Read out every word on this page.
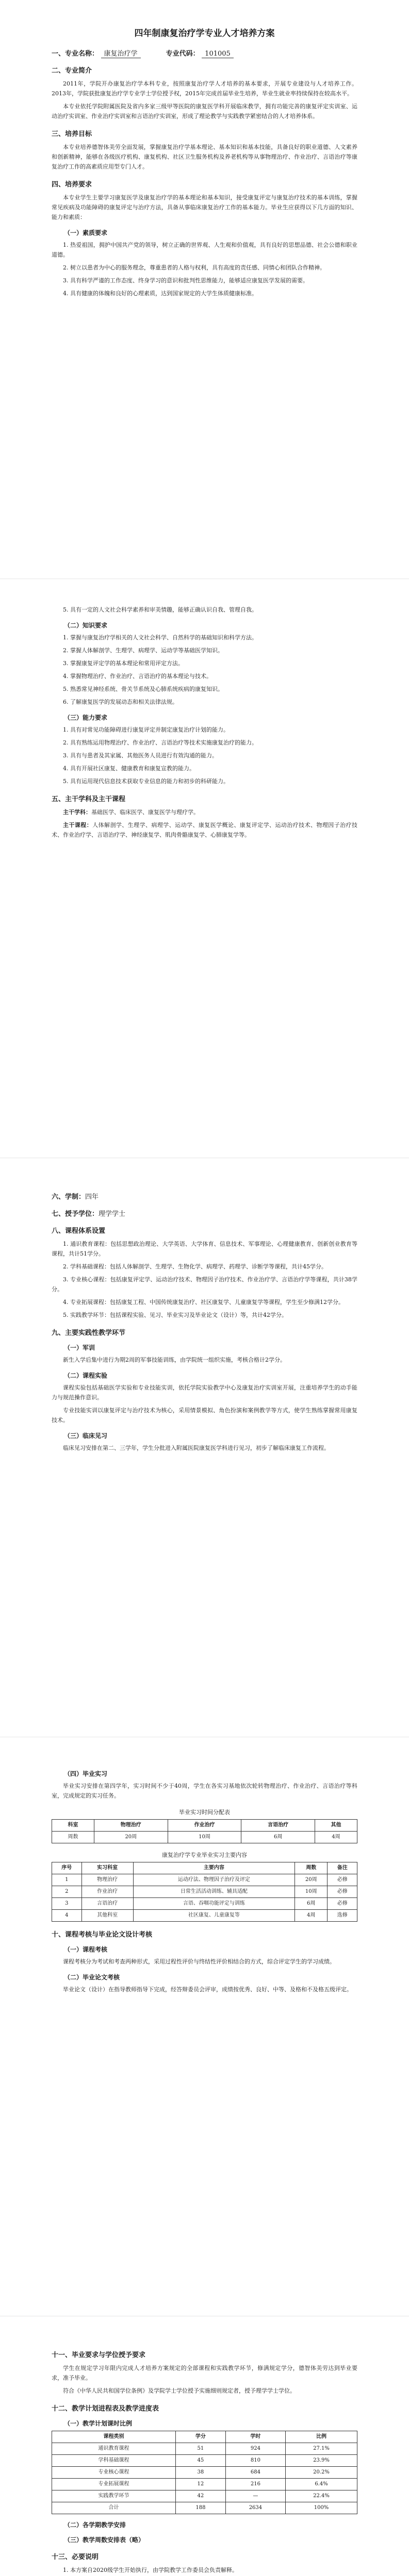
四年制康复治疗学专业人才培养方案
一、专业名称： 康复治疗学	专业代码： 101005
二、专业简介

2011年，学院开办康复治疗学本科专业，按照康复治疗学人才培养的基本要求，开展专业建设与人才培养工作。2013年，学院获批康复治疗学专业学士学位授予权，2015年完成首届毕业生培养，毕业生就业率持续保持在较高水平。

本专业依托学院附属医院及省内多家三级甲等医院的康复医学科开展临床教学，拥有功能完善的康复评定实训室、运动治疗实训室、作业治疗实训室和言语治疗实训室，形成了理论教学与实践教学紧密结合的人才培养体系。

三、培养目标

本专业培养德智体美劳全面发展，掌握康复治疗学基本理论、基本知识和基本技能，具备良好的职业道德、人文素养和创新精神，能够在各级医疗机构、康复机构、社区卫生服务机构及养老机构等从事物理治疗、作业治疗、言语治疗等康复治疗工作的高素质应用型专门人才。

四、培养要求

本专业学生主要学习康复医学及康复治疗学的基本理论和基本知识，接受康复评定与康复治疗技术的基本训练，掌握常见疾病及功能障碍的康复评定与治疗方法，具备从事临床康复治疗工作的基本能力。毕业生应获得以下几方面的知识、能力和素质：

（一）素质要求

1. 热爱祖国，拥护中国共产党的领导，树立正确的世界观、人生观和价值观，具有良好的思想品德、社会公德和职业道德。

2. 树立以患者为中心的服务理念，尊重患者的人格与权利，具有高度的责任感、同情心和团队合作精神。

3. 具有科学严谨的工作态度、终身学习的意识和批判性思维能力，能够适应康复医学发展的需要。

4. 具有健康的体魄和良好的心理素质，达到国家规定的大学生体质健康标准。

5. 具有一定的人文社会科学素养和审美情趣，能够正确认识自我、管理自我。

（二）知识要求

1. 掌握与康复治疗学相关的人文社会科学、自然科学的基础知识和科学方法。

2. 掌握人体解剖学、生理学、病理学、运动学等基础医学知识。

3. 掌握康复评定学的基本理论和常用评定方法。

4. 掌握物理治疗、作业治疗、言语治疗的基本理论与技术。

5. 熟悉常见神经系统、骨关节系统及心肺系统疾病的康复知识。

6. 了解康复医学的发展动态和相关法律法规。

（三）能力要求

1. 具有对常见功能障碍进行康复评定并制定康复治疗计划的能力。

2. 具有熟练运用物理治疗、作业治疗、言语治疗等技术实施康复治疗的能力。

3. 具有与患者及其家属、其他医务人员进行有效沟通的能力。

4. 具有开展社区康复、健康教育和康复宣教的能力。

5. 具有运用现代信息技术获取专业信息的能力和初步的科研能力。

五、主干学科及主干课程

主干学科：基础医学、临床医学、康复医学与理疗学。

主干课程：人体解剖学、生理学、病理学、运动学、康复医学概论、康复评定学、运动治疗技术、物理因子治疗技术、作业治疗学、言语治疗学、神经康复学、肌肉骨骼康复学、心肺康复学等。

六、学制：四年
七、授予学位：理学学士
八、课程体系设置

1. 通识教育课程：包括思想政治理论、大学英语、大学体育、信息技术、军事理论、心理健康教育、创新创业教育等课程，共计51学分。

2. 学科基础课程：包括人体解剖学、生理学、生物化学、病理学、药理学、诊断学等课程，共计45学分。

3. 专业核心课程：包括康复评定学、运动治疗技术、物理因子治疗技术、作业治疗学、言语治疗学等课程，共计38学分。

4. 专业拓展课程：包括康复工程、中国传统康复治疗、社区康复学、儿童康复学等课程，学生至少修满12学分。

5. 实践教学环节：包括课程实验、见习、毕业实习及毕业论文（设计）等，共计42学分。

九、主要实践性教学环节
（一）军训

新生入学后集中进行为期2周的军事技能训练，由学院统一组织实施，考核合格计2学分。

（二）课程实验

课程实验包括基础医学实验和专业技能实训，依托学院实验教学中心及康复治疗实训室开展，注重培养学生的动手能力与规范操作意识。

专业技能实训以康复评定与治疗技术为核心，采用情景模拟、角色扮演和案例教学等方式，使学生熟练掌握常用康复技术。

（三）临床见习

临床见习安排在第二、三学年，学生分批进入附属医院康复医学科进行见习，初步了解临床康复工作流程。

（四）毕业实习

毕业实习安排在第四学年，实习时间不少于40周，学生在各实习基地依次轮转物理治疗、作业治疗、言语治疗等科室，完成规定的实习任务。

毕业实习时间分配表
科室	物理治疗	作业治疗	言语治疗	其他
周数	20周	10周	6周	4周
康复治疗学专业毕业实习主要内容
序号	实习科室	主要内容	周数	备注
1	物理治疗	运动疗法、物理因子治疗及评定	20周	必修
2	作业治疗	日常生活活动训练、辅具适配	10周	必修
3	言语治疗	言语、吞咽功能评定与训练	6周	必修
4	其他科室	社区康复、儿童康复等	4周	选修
十、课程考核与毕业论文设计考核
（一）课程考核

课程考核分为考试和考查两种形式，采用过程性评价与终结性评价相结合的方式，综合评定学生的学习成绩。

（二）毕业论文考核

毕业论文（设计）在指导教师指导下完成，经答辩委员会评审，成绩按优秀、良好、中等、及格和不及格五级评定。

十一、毕业要求与学位授予要求

学生在规定学习年限内完成人才培养方案规定的全部课程和实践教学环节，修满规定学分，德智体美劳达到毕业要求，准予毕业。

符合《中华人民共和国学位条例》及学院学士学位授予实施细则规定者，授予理学学士学位。

十二、教学计划进程表及教学进度表
（一）教学计划课时比例
课程类别	学分	学时	比例
通识教育课程	51	924	27.1%
学科基础课程	45	810	23.9%
专业核心课程	38	684	20.2%
专业拓展课程	12	216	6.4%
实践教学环节	42	—	22.4%
合计	188	2634	100%
（二）各学期教学安排
（三）教学周数安排表（略）
十三、必要说明

1. 本方案自2020级学生开始执行，由学院教学工作委员会负责解释。
